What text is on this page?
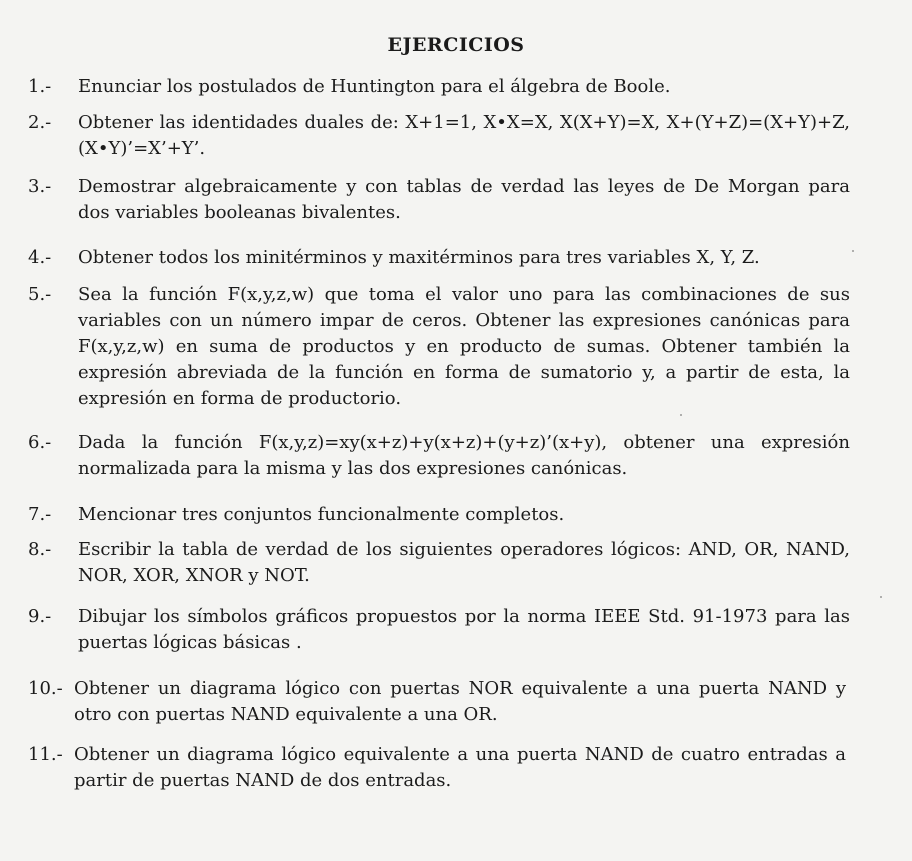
EJERCICIOS
1.-	Enunciar los postulados de Huntington para el álgebra de Boole.
2.-	Obtener las identidades duales de: X+1=1, X•X=X, X(X+Y)=X, X+(Y+Z)=(X+Y)+Z, (X•Y)’=X’+Y’.
3.-	Demostrar algebraicamente y con tablas de verdad las leyes de De Morgan para dos variables booleanas bivalentes.
4.-	Obtener todos los minitérminos y maxitérminos para tres variables X, Y, Z.
5.-	Sea la función F(x,y,z,w) que toma el valor uno para las combinaciones de sus variables con un número impar de ceros. Obtener las expresiones canónicas para F(x,y,z,w) en suma de productos y en producto de sumas. Obtener también la expresión abreviada de la función en forma de sumatorio y, a partir de esta, la expresión en forma de productorio.
6.-	Dada la función F(x,y,z)=xy(x+z)+y(x+z)+(y+z)’(x+y), obtener una expresión normalizada para la misma y las dos expresiones canónicas.
7.-	Mencionar tres conjuntos funcionalmente completos.
8.-	Escribir la tabla de verdad de los siguientes operadores lógicos: AND, OR, NAND, NOR, XOR, XNOR y NOT.
9.-	Dibujar los símbolos gráficos propuestos por la norma IEEE Std. 91-1973 para las puertas lógicas básicas .
10.- Obtener un diagrama lógico con puertas NOR equivalente a una puerta NAND y otro con puertas NAND equivalente a una OR.
11.- Obtener un diagrama lógico equivalente a una puerta NAND de cuatro entradas a partir de puertas NAND de dos entradas.
